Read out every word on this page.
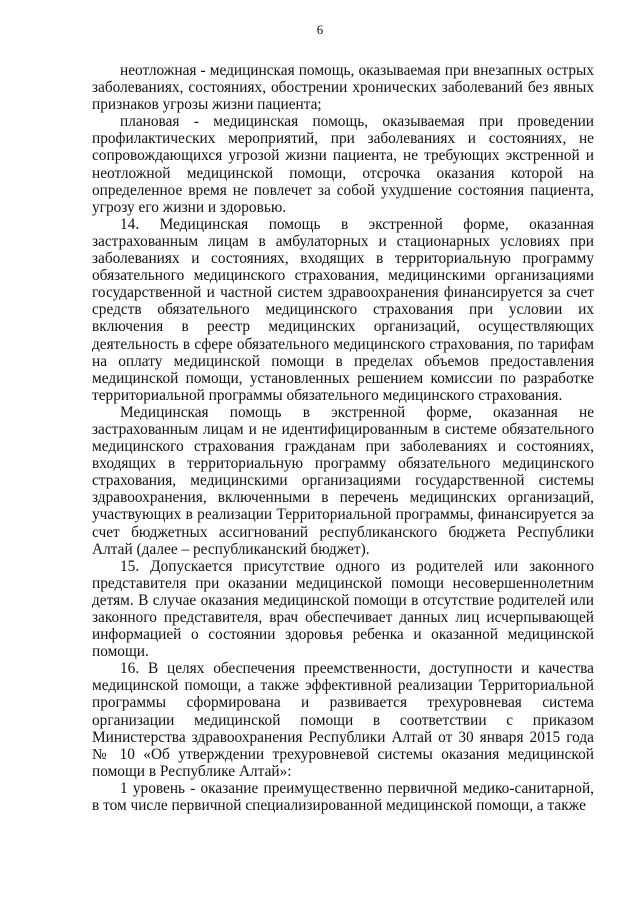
6

неотложная - медицинская помощь, оказываемая при внезапных острых заболеваниях, состояниях, обострении хронических заболеваний без явных признаков угрозы жизни пациента;

плановая - медицинская помощь, оказываемая при проведении профилактических мероприятий, при заболеваниях и состояниях, не сопровождающихся угрозой жизни пациента, не требующих экстренной и неотложной медицинской помощи, отсрочка оказания которой на определенное время не повлечет за собой ухудшение состояния пациента, угрозу его жизни и здоровью.

14. Медицинская помощь в экстренной форме, оказанная застрахованным лицам в амбулаторных и стационарных условиях при заболеваниях и состояниях, входящих в территориальную программу обязательного медицинского страхования, медицинскими организациями государственной и частной систем здравоохранения финансируется за счет средств обязательного медицинского страхования при условии их включения в реестр медицинских организаций, осуществляющих деятельность в сфере обязательного медицинского страхования, по тарифам на оплату медицинской помощи в пределах объемов предоставления медицинской помощи, установленных решением комиссии по разработке территориальной программы обязательного медицинского страхования.

Медицинская помощь в экстренной форме, оказанная не застрахованным лицам и не идентифицированным в системе обязательного медицинского страхования гражданам при заболеваниях и состояниях, входящих в территориальную программу обязательного медицинского страхования, медицинскими организациями государственной системы здравоохранения, включенными в перечень медицинских организаций, участвующих в реализации Территориальной программы, финансируется за счет бюджетных ассигнований республиканского бюджета Республики Алтай (далее – республиканский бюджет).

15. Допускается присутствие одного из родителей или законного представителя при оказании медицинской помощи несовершеннолетним детям. В случае оказания медицинской помощи в отсутствие родителей или законного представителя, врач обеспечивает данных лиц исчерпывающей информацией о состоянии здоровья ребенка и оказанной медицинской помощи.

16. В целях обеспечения преемственности, доступности и качества медицинской помощи, а также эффективной реализации Территориальной программы сформирована и развивается трехуровневая система организации медицинской помощи в соответствии с приказом Министерства здравоохранения Республики Алтай от 30 января 2015 года № 10 «Об утверждении трехуровневой системы оказания медицинской помощи в Республике Алтай»:

1 уровень - оказание преимущественно первичной медико-санитарной, в том числе первичной специализированной медицинской помощи, а также
